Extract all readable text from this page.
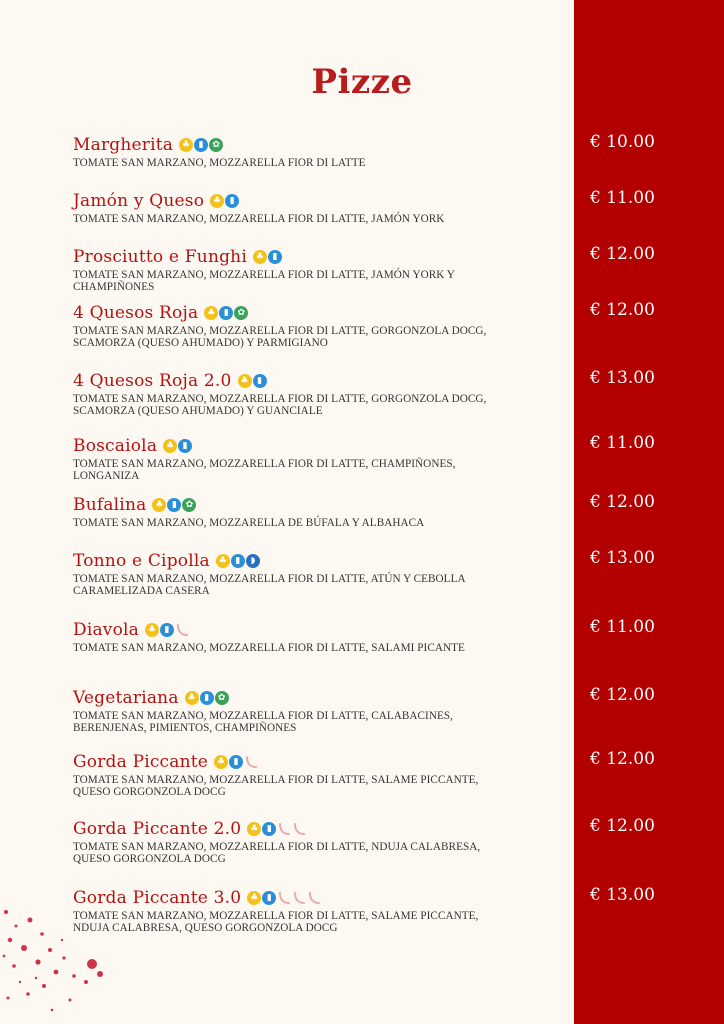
Pizze
Margherita ♣ ▮ ✿
TOMATE SAN MARZANO, MOZZARELLA FIOR DI LATTE
€ 10.00
Jamón y Queso ♣ ▮
TOMATE SAN MARZANO, MOZZARELLA FIOR DI LATTE, JAMÓN YORK
€ 11.00
Prosciutto e Funghi ♣ ▮
TOMATE SAN MARZANO, MOZZARELLA FIOR DI LATTE, JAMÓN YORK Y CHAMPIÑONES
€ 12.00
4 Quesos Roja ♣ ▮ ✿
TOMATE SAN MARZANO, MOZZARELLA FIOR DI LATTE, GORGONZOLA DOCG, SCAMORZA (QUESO AHUMADO) Y PARMIGIANO
€ 12.00
4 Quesos Roja 2.0 ♣ ▮
TOMATE SAN MARZANO, MOZZARELLA FIOR DI LATTE, GORGONZOLA DOCG, SCAMORZA (QUESO AHUMADO) Y GUANCIALE
€ 13.00
Boscaiola ♣ ▮
TOMATE SAN MARZANO, MOZZARELLA FIOR DI LATTE, CHAMPIÑONES, LONGANIZA
€ 11.00
Bufalina ♣ ▮ ✿
TOMATE SAN MARZANO, MOZZARELLA DE BÚFALA Y ALBAHACA
€ 12.00
Tonno e Cipolla ♣ ▮	◗
TOMATE SAN MARZANO, MOZZARELLA FIOR DI LATTE, ATÚN Y CEBOLLA CARAMELIZADA CASERA
€ 13.00
Diavola ♣ ▮
TOMATE SAN MARZANO, MOZZARELLA FIOR DI LATTE, SALAMI PICANTE
€ 11.00
Vegetariana ♣ ▮ ✿
TOMATE SAN MARZANO, MOZZARELLA FIOR DI LATTE, CALABACINES, BERENJENAS, PIMIENTOS, CHAMPIÑONES
€ 12.00
Gorda Piccante ♣ ▮
TOMATE SAN MARZANO, MOZZARELLA FIOR DI LATTE, SALAME PICCANTE, QUESO GORGONZOLA DOCG
€ 12.00
Gorda Piccante 2.0 ♣ ▮
TOMATE SAN MARZANO, MOZZARELLA FIOR DI LATTE, NDUJA CALABRESA, QUESO GORGONZOLA DOCG
€ 12.00
Gorda Piccante 3.0 ♣ ▮
TOMATE SAN MARZANO, MOZZARELLA FIOR DI LATTE, SALAME PICCANTE, NDUJA CALABRESA, QUESO GORGONZOLA DOCG
€ 13.00
